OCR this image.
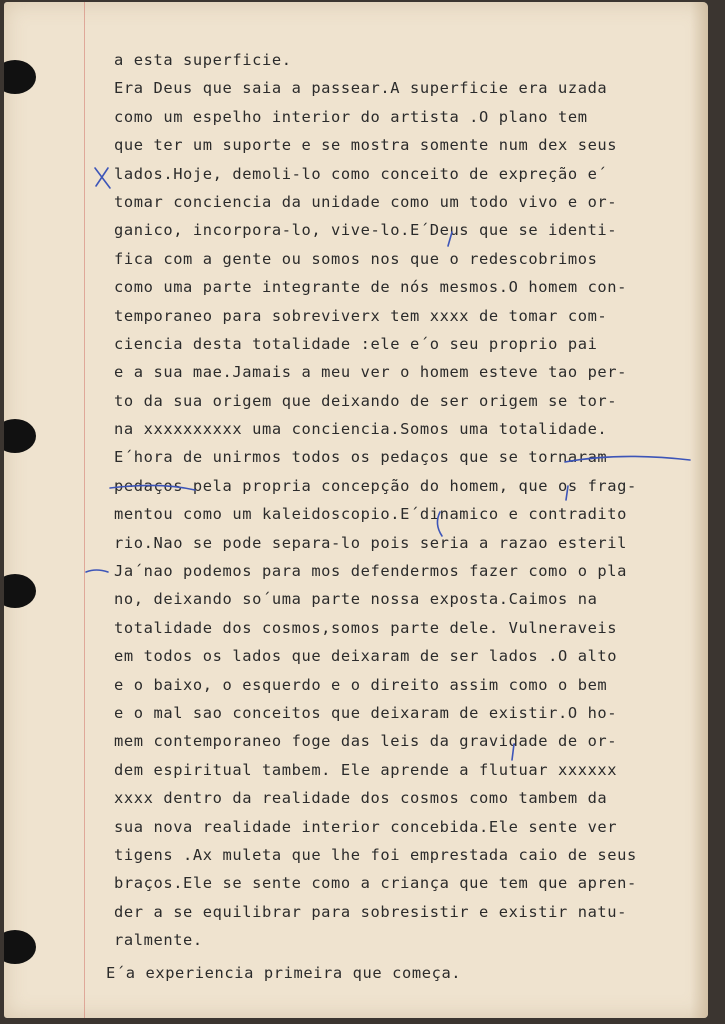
a esta superficie.
Era Deus que saia a passear.A superficie era uzada
como um espelho interior do artista .O plano tem
que ter um suporte e se mostra somente num dex seus
lados.Hoje, demoli-lo como conceito de expreção e´
tomar conciencia da unidade como um todo vivo e or-
ganico, incorpora-lo, vive-lo.E´Deus que se identi-
fica com a gente ou somos nos que o redescobrimos
como uma parte integrante de nós mesmos.O homem con-
temporaneo para sobreviverx tem xxxx de tomar com-
ciencia desta totalidade :ele e´o seu proprio pai
e a sua mae.Jamais a meu ver o homem esteve tao per-
to da sua origem que deixando de ser origem se tor-
na xxxxxxxxxx uma conciencia.Somos uma totalidade.
E´hora de unirmos todos os pedaços que se tornaram
pedaços pela propria concepção do homem, que os frag-
mentou como um kaleidoscopio.E´dinamico e contradito
rio.Nao se pode separa-lo pois seria a razao esteril
Ja´nao podemos para mos defendermos fazer como o pla
no, deixando so´uma parte nossa exposta.Caimos na
totalidade dos cosmos,somos parte dele. Vulneraveis
em todos os lados que deixaram de ser lados .O alto
e o baixo, o esquerdo e o direito assim como o bem
e o mal sao conceitos que deixaram de existir.O ho-
mem contemporaneo foge das leis da gravidade de or-
dem espiritual tambem. Ele aprende a flutuar xxxxxx
xxxx dentro da realidade dos cosmos como tambem da
sua nova realidade interior concebida.Ele sente ver
tigens .Ax muleta que lhe foi emprestada caio de seus
braços.Ele se sente como a criança que tem que apren-
der a se equilibrar para sobresistir e existir natu-
ralmente.
E´a experiencia primeira que começa.
